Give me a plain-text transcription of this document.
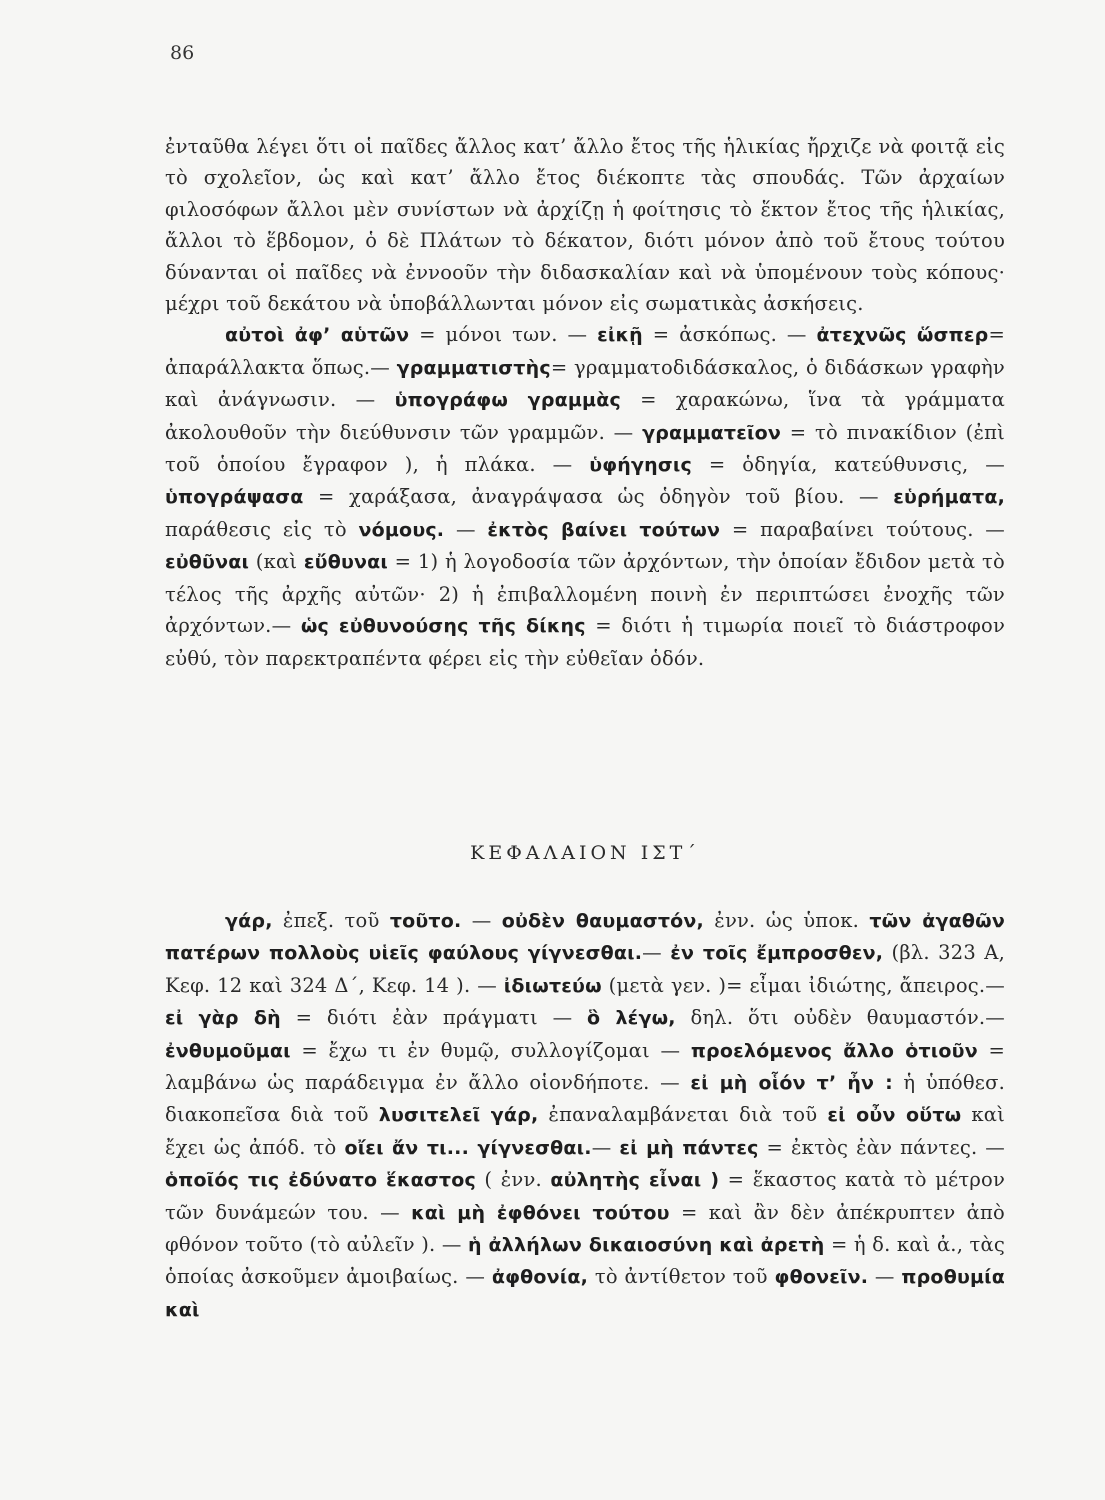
86

ἐνταῦθα λέγει ὅτι οἱ παῖδες ἄλλος κατ’ ἄλλο ἔτος τῆς ἡλικίας ἤρχιζε νὰ φοιτᾷ εἰς τὸ σχολεῖον, ὡς καὶ κατ’ ἄλλο ἔτος διέκοπτε τὰς σπουδάς. Τῶν ἀρχαίων φιλοσόφων ἄλλοι μὲν συνίστων νὰ ἀρχίζῃ ἡ φοίτησις τὸ ἕκτον ἔτος τῆς ἡλικίας, ἄλλοι τὸ ἕβδομον, ὁ δὲ Πλάτων τὸ δέκατον, διότι μόνον ἀπὸ τοῦ ἔτους τούτου δύνανται οἱ παῖδες νὰ ἐννοοῦν τὴν διδασκαλίαν καὶ νὰ ὑπομένουν τοὺς κόπους· μέχρι τοῦ δεκάτου νὰ ὑποβάλλωνται μόνον εἰς σωματικὰς ἀσκήσεις.

αὐτοὶ ἀφ’ αὑτῶν = μόνοι των. — εἰκῇ = ἀσκόπως. — ἀτεχνῶς ὥσπερ= ἀπαράλλακτα ὅπως.— γραμματιστὴς= γραμματοδιδάσκαλος, ὁ διδάσκων γραφὴν καὶ ἀνάγνωσιν. — ὑπογράφω γραμμὰς = χαρακώνω, ἵνα τὰ γράμματα ἀκολουθοῦν τὴν διεύθυνσιν τῶν γραμμῶν. — γραμματεῖον = τὸ πινακίδιον (ἐπὶ τοῦ ὁποίου ἔγραφον ), ἡ πλάκα. — ὑφήγησις = ὁδηγία, κατεύθυνσις, — ὑπογράψασα = χαράξασα, ἀναγράψασα ὡς ὁδηγὸν τοῦ βίου. — εὑρήματα, παράθεσις εἰς τὸ νόμους. — ἐκτὸς βαίνει τούτων = παραβαίνει τούτους. — εὐθῦναι (καὶ εὔθυναι = 1) ἡ λογοδοσία τῶν ἀρχόντων, τὴν ὁποίαν ἔδιδον μετὰ τὸ τέλος τῆς ἀρχῆς αὐτῶν· 2) ἡ ἐπιβαλλομένη ποινὴ ἐν περιπτώσει ἐνοχῆς τῶν ἀρχόντων.— ὡς εὐθυνούσης τῆς δίκης = διότι ἡ τιμωρία ποιεῖ τὸ διάστροφον εὐθύ, τὸν παρεκτραπέντα φέρει εἰς τὴν εὐθεῖαν ὁδόν.

ΚΕΦΑΛΑΙΟΝ ΙΣΤ΄

γάρ, ἐπεξ. τοῦ τοῦτο. — οὐδὲν θαυμαστόν, ἐνν. ὡς ὑποκ. τῶν ἀγαθῶν πατέρων πολλοὺς υἱεῖς φαύλους γίγνεσθαι.— ἐν τοῖς ἔμπροσθεν, (βλ. 323 Α, Κεφ. 12 καὶ 324 Δ΄, Κεφ. 14 ). — ἰδιωτεύω (μετὰ γεν. )= εἶμαι ἰδιώτης, ἄπειρος.— εἰ γὰρ δὴ = διότι ἐὰν πράγματι — ὃ λέγω, δηλ. ὅτι οὐδὲν θαυμαστόν.— ἐνθυμοῦμαι = ἔχω τι ἐν θυμῷ, συλλογίζομαι — προελόμενος ἄλλο ὁτιοῦν = λαμβάνω ὡς παράδειγμα ἐν ἄλλο οἱονδήποτε. — εἰ μὴ οἷόν τ’ ἦν : ἡ ὑπόθεσ. διακοπεῖσα διὰ τοῦ λυσιτελεῖ γάρ, ἐπαναλαμβάνεται διὰ τοῦ εἰ οὖν οὕτω καὶ ἔχει ὡς ἀπόδ. τὸ οἴει ἄν τι... γίγνεσθαι.— εἰ μὴ πάντες = ἐκτὸς ἐὰν πάντες. — ὁποῖός τις ἐδύνατο ἕκαστος ( ἐνν. αὐλητὴς εἶναι ) = ἕκαστος κατὰ τὸ μέτρον τῶν δυνάμεών του. — καὶ μὴ ἐφθόνει τούτου = καὶ ἂν δὲν ἀπέκρυπτεν ἀπὸ φθόνον τοῦτο (τὸ αὐλεῖν ). — ἡ ἀλλήλων δικαιοσύνη καὶ ἀρετὴ = ἡ δ. καὶ ἀ., τὰς ὁποίας ἀσκοῦμεν ἀμοιβαίως. — ἀφθονία, τὸ ἀντίθετον τοῦ φθονεῖν. — προθυμία καὶ
